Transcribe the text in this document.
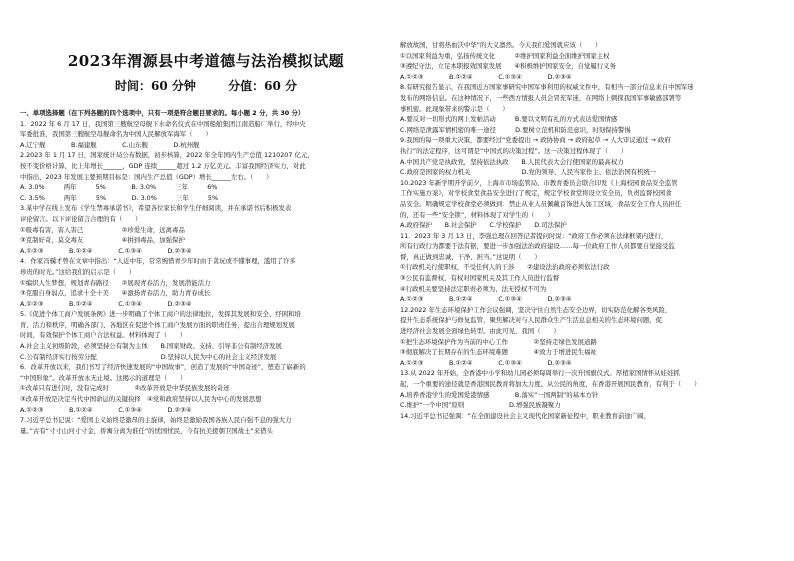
2023年渭源县中考道德与法治模拟试题
时间：60 分钟	分值：60 分
一、单项选择题（在下列各题的四个选项中，只有一项是符合题目要求的。每小题 2 分，共 30 分）
1．2022 年 6 月 17 日，我国第三艘航空母舰下水命名仪式在中国船舶集团江南造船厂举行，经中央
军委批准，我国第三艘航空母舰命名为中国人民解放军海军（　　）
A.辽宁舰　　　　B.福建舰　　　　C.山东舰　　　　D.杭州舰
2.2023 年 1 月 17 日，国家统计局公布数据，初步核算，2022 年全年国内生产总值 1210207 亿元，
按不变价格计算，比上年增长______，GDP 连续______超过 1.2 万亿美元。丰富我国经济实力，对此
中指出，2023 年发展主要预期目标是：国内生产总值（GDP）增长______左右。（　　）
A. 3.0%　　　两年　　　5%　　　　B. 3.0%　　　三年　　　6%
C. 3.5%　　　两年　　　5%　　　　D. 3.0%　　　三年　　　5%
3.某中学在线上发布《学生禁毒承诺书》，希望各位家长和学生仔细阅读，并在承诺书后积极发表
评论留言。以下评论留言合理的有（　　）
①吸毒有害，害人害己　　　　　　②珍爱生命，远离毒品
③克制好奇，莫交毒友　　　　　　④拼到毒品，加强保护
A.①②③　　　　B.①②④　　　　C.①③④　　　　D.②③④
4．作家冯骥才曾在文章中指出：“人近中年，常常惋惜青少年时由于贪玩或不懂事理，滥用了许多
珍贵的时光。”这给我们的启示是（　　）
①编织人生梦想，规划青春路径　　②展现青春活力，发展潜能活力
③克服自身弱点，追求十全十美　　④激扬青春活力，助力青春成长
A.①②③　　　　B.①②④　　　　C.①③④　　　　D.②③④
5.《促进个体工商户发展条例》进一步明确了个体工商户的法律地位，发挥其发展和安全、纾困和培
育、活力和秩序，明确各部门、各地区在促进个体工商户发展方面的职责任务，提出合理规划发展
时间，有效保护个体工商户合法权益。材料体现了（　　）
A.社会主义初级阶段，必须坚持公有制为主体　　B.国家财政、支持、引导非公有制经济发展
C.公有制经济实行按劳分配　　　　　　　　　　D.坚持以人民为中心的社会主义经济发展
6．改革开放以来，我们书写了经济快速发展的“中国故事”，创造了发展的“中国奇迹”，塑造了崭新的
“中国形象”。改革开放永无止境。这揭示的道理是（　　）
①改革只有进行时，没有完成时　　　　②改革开放是中华民族发展的奇迹
③改革开放是决定当代中国命运的关键抉择　④党和政府坚持以人民为中心的发展思想
A.①②③　　　　B.①②④　　　　C.①③④　　　　D.②③④
7.习近平总书记说：“爱国主义始终是激昂的主旋律，始终是激励我国各族人民自强不息的强大力
量。”古有“寸寸山河寸寸金，侨寓分离为谁任”的忧国忧民，今有抗美援朝卫国战士“来借头
解放故国，甘将热血沃中华”的大义凛然。今天我们爱国就应该（　　）
①以国家利益为重，弘扬传统文化　　　②维护国家利益全面维护国家主权
③遵纪守法，立足本职报效国家发展　　④积极维护国家安全，自觉履行义务
A.①②③　　　　B.①②④　　　　C.①③④　　　　D.②③④
8.有研究报告显示，在我国近万国家事研究中国军事利用的权威文件中，有相当一部分信息来自中国军迷
发布的网络信息。在这种情况下，一些西方情报人员会冒充军迷，在网络上刺探我国军事敏感部署等
事机密。此现象带来的警示是（　　）
A.要反对一切形式的网上发帖活动　　　B.要以文明有礼的方式表达爱国情感
C.网络是泄露军情机密的唯一途径　　　D.要树立范机和防范意识，时刻保持警惕
9.我国的每一项重大决策，都要经过“党委提出 → 政协协商 → 政府起草 → 人大审议通过 → 政府
执行”的法定程序，这可谓是“中国式的决策过程”。这一决策过程体现了（　　）
A.中国共产党是执政党，坚持依法执政　　B.人民代表大会行使国家的最高权力
C.政府是国家的权力机关　　　　　　　　D.党的领导、人民当家作主、依法治国有机统一
10.2023 年新学期开学前夕，上海市市场监管局、市教育委员会联合印发《上海校园食品安全监管
工作实施方案》，对学校食堂食品安全进行了规定，规定学校食堂将设立安全员，负责监督校园食
品安全。明确规定学校食堂必须做到：禁止从业人员佩戴首饰进入加工区域，食品安全工作人员担任
的，还有一些“安全锁”，材料体现了对学生的（　　）
A.政府保护　　B.社会保护　　C.学校保护　　D.司法保护
11．2023 年 3 月 13 日，李强总理在回答记者提问时说：“政府工作必须在法律框架内进行，
所有行政行为都要于法有据，要进一步加强法治政府建设……每一位政府工作人员都要自觉接受监
督，真正做到忠诚、干净、担当。”这说明（　　）
①行政机关行使职权，不受任何人的干涉　　②建设法治政府必须依法行政
③公民有监督权，有权对国家机关及其工作人员进行监督
④行政机关要坚持法定职责必须为，法无授权不可为
A.①②③　　　　B.①②④　　　　C.①③④　　　　D.②③④
12.2022 年生态环境保护工作会议强调，坚决守住自然生态安全边界，切实防范化解各类风险，
提升生态系统保护与修复监管，聚焦解决对与人民群众生产生活息息相关的生态环境问题，促
进经济社会发展全面绿色转型。由此可见，我国（　　）
①把生态环境保护作为当前的中心工作　　　　②坚持走绿色发展道路
③彻底解决了长期存在的生态环境难题　　　　④致力于增进民生福祉
A.①②③　　　　B.①②④　　　　C.①③④　　　　D.②③④
13.从 2022 年开始，全香港中小学和幼儿园必须每周举行一次升国旗仪式。厚植家国情怀从娃娃抓
起，一个重要的途径就是香港国民教育将加大力度。从公民的角度，在香港开展国民教育，有利于（　　）
A.培养香港学生的爱国爱港情感　　　　B.落实“一国两制”的基本方针
C.维护“一个中国”原则　　　　　　　D.增强民族凝聚力
14.习近平总书记强调：“在全面建设社会主义现代化国家新征程中，职业教育前途广阔、
